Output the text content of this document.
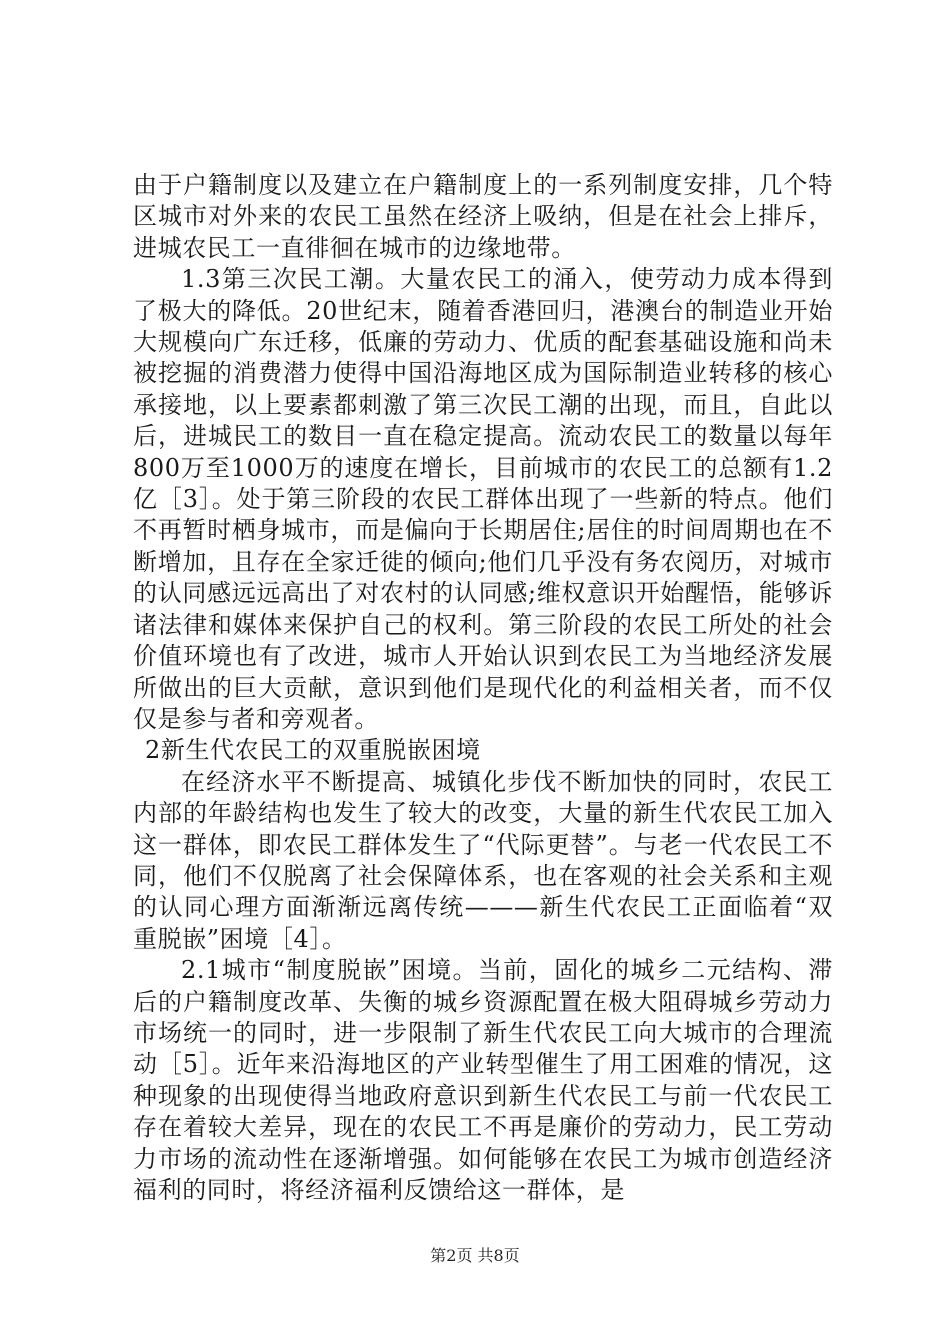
由于户籍制度以及建立在户籍制度上的一系列制度安排，几个特区城市对外来的农民工虽然在经济上吸纳，但是在社会上排斥，进城农民工一直徘徊在城市的边缘地带。

1.3第三次民工潮。大量农民工的涌入，使劳动力成本得到了极大的降低。20世纪末，随着香港回归，港澳台的制造业开始大规模向广东迁移，低廉的劳动力、优质的配套基础设施和尚未被挖掘的消费潜力使得中国沿海地区成为国际制造业转移的核心承接地，以上要素都刺激了第三次民工潮的出现，而且，自此以后，进城民工的数目一直在稳定提高。流动农民工的数量以每年800万至1000万的速度在增长，目前城市的农民工的总额有1.2亿［3］。处于第三阶段的农民工群体出现了一些新的特点。他们不再暂时栖身城市，而是偏向于长期居住;居住的时间周期也在不断增加，且存在全家迁徙的倾向;他们几乎没有务农阅历，对城市的认同感远远高出了对农村的认同感;维权意识开始醒悟，能够诉诸法律和媒体来保护自己的权利。第三阶段的农民工所处的社会价值环境也有了改进，城市人开始认识到农民工为当地经济发展所做出的巨大贡献，意识到他们是现代化的利益相关者，而不仅仅是参与者和旁观者。

2新生代农民工的双重脱嵌困境

在经济水平不断提高、城镇化步伐不断加快的同时，农民工内部的年龄结构也发生了较大的改变，大量的新生代农民工加入这一群体，即农民工群体发生了“代际更替”。与老一代农民工不同，他们不仅脱离了社会保障体系，也在客观的社会关系和主观的认同心理方面渐渐远离传统———新生代农民工正面临着“双重脱嵌”困境［4］。

2.1城市“制度脱嵌”困境。当前，固化的城乡二元结构、滞后的户籍制度改革、失衡的城乡资源配置在极大阻碍城乡劳动力市场统一的同时，进一步限制了新生代农民工向大城市的合理流动［5］。近年来沿海地区的产业转型催生了用工困难的情况，这种现象的出现使得当地政府意识到新生代农民工与前一代农民工存在着较大差异，现在的农民工不再是廉价的劳动力，民工劳动力市场的流动性在逐渐增强。如何能够在农民工为城市创造经济福利的同时，将经济福利反馈给这一群体，是

第2页 共8页
